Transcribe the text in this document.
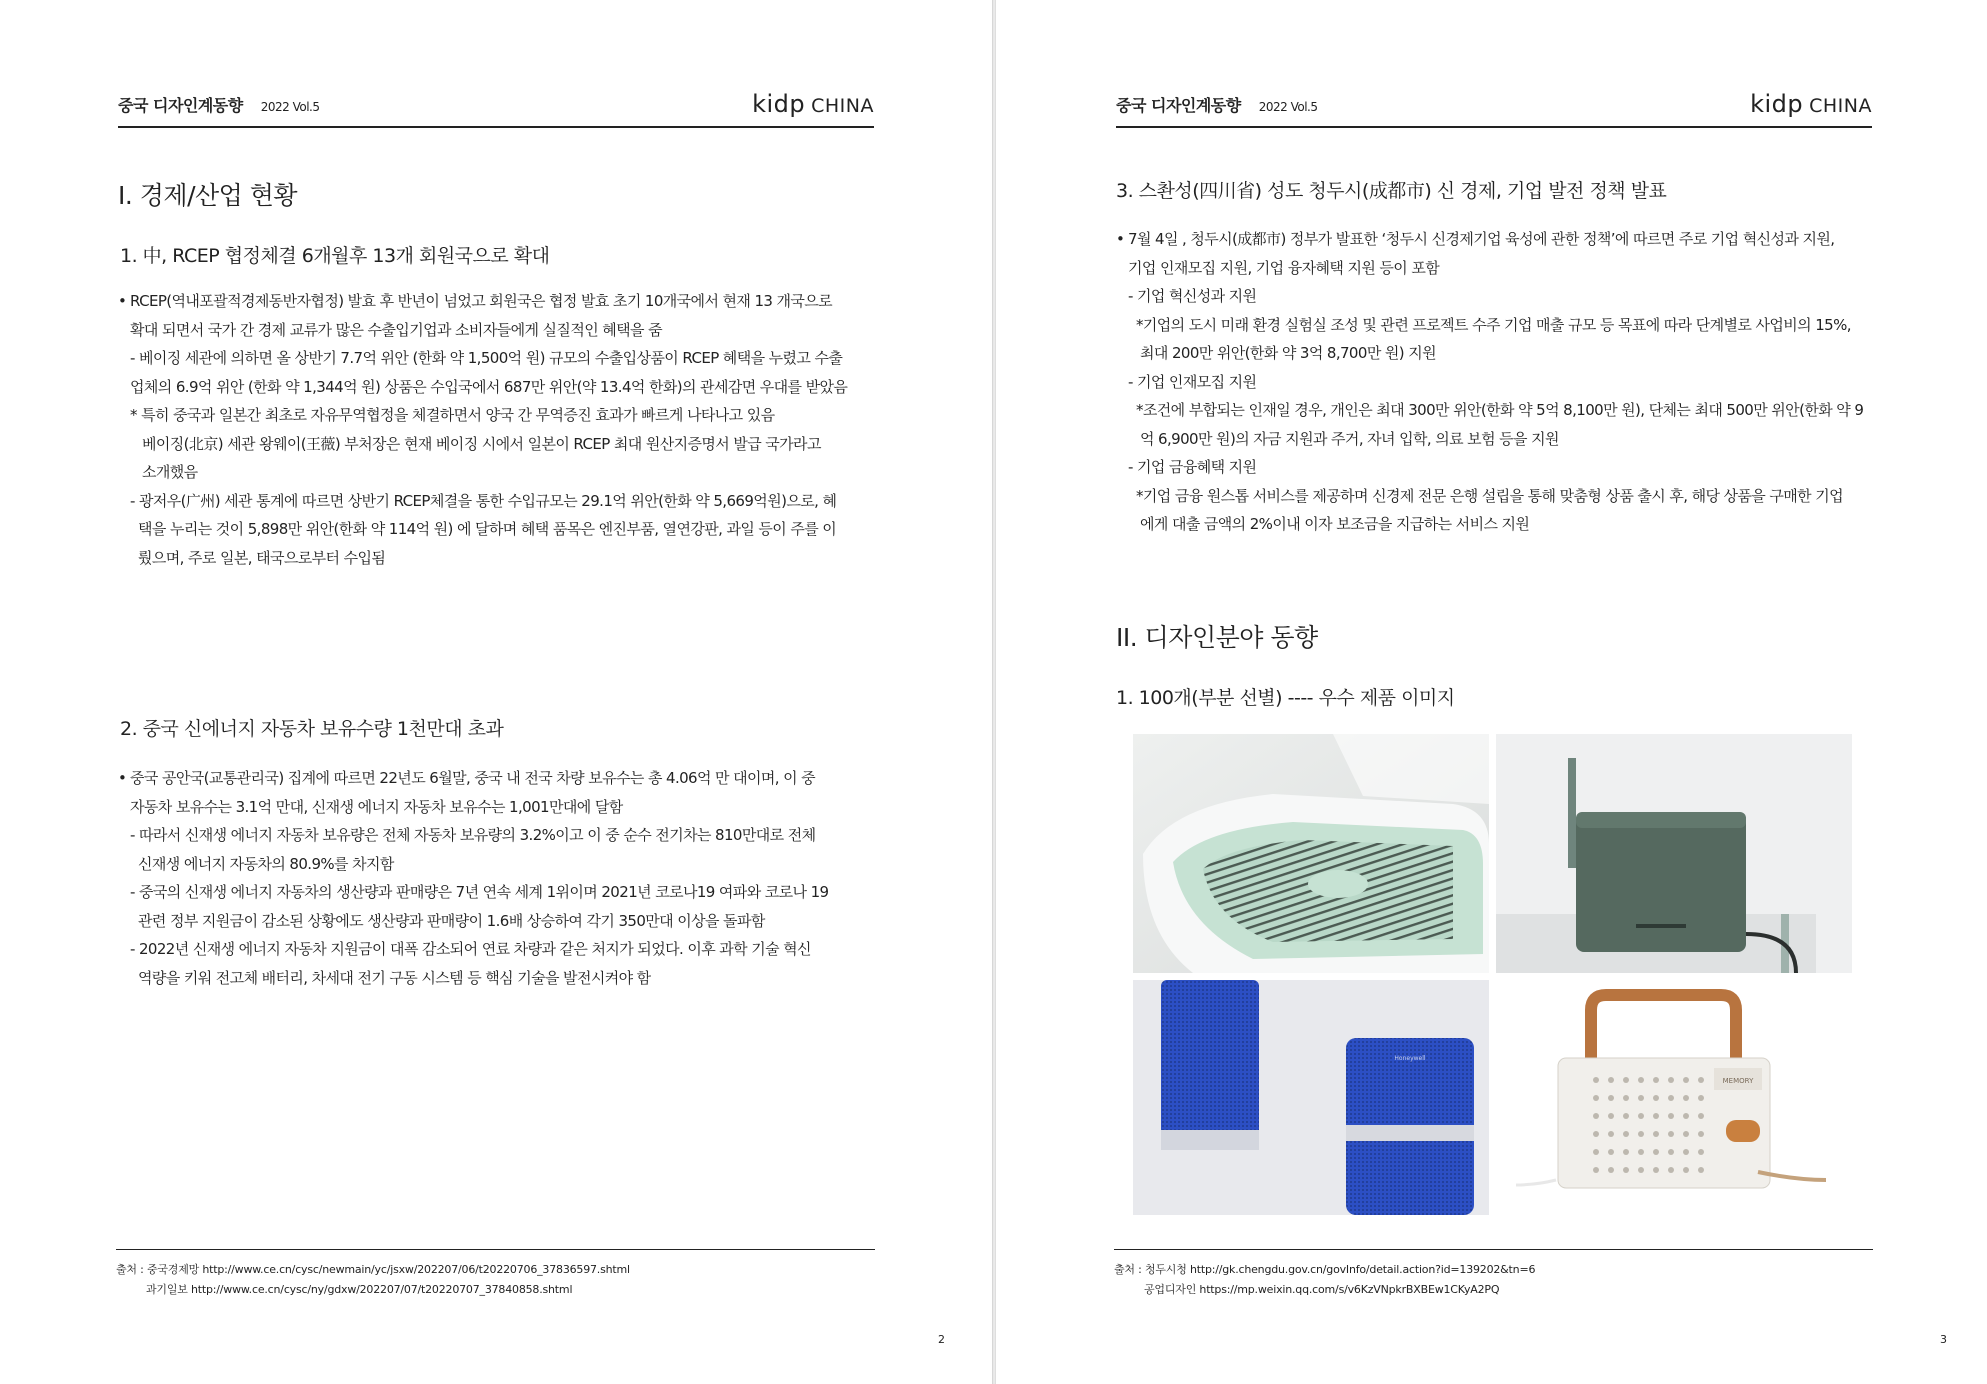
중국 디자인계동향 2022 Vol.5	kidp CHINA
I. 경제/산업 현황
1. 中, RCEP 협정체결 6개월후 13개 회원국으로 확대
• RCEP(역내포괄적경제동반자협정) 발효 후 반년이 넘었고 회원국은 협정 발효 초기 10개국에서 현재 13 개국으로
확대 되면서 국가 간 경제 교류가 많은 수출입기업과 소비자들에게 실질적인 혜택을 줌
- 베이징 세관에 의하면 올 상반기 7.7억 위안 (한화 약 1,500억 원) 규모의 수출입상품이 RCEP 혜택을 누렸고 수출
업체의 6.9억 위안 (한화 약 1,344억 원) 상품은 수입국에서 687만 위안(약 13.4억 한화)의 관세감면 우대를 받았음
* 특히 중국과 일본간 최초로 자유무역협정을 체결하면서 양국 간 무역증진 효과가 빠르게 나타나고 있음
베이징(北京) 세관 왕웨이(王薇) 부처장은 현재 베이징 시에서 일본이 RCEP 최대 원산지증명서 발급 국가라고
소개했음
- 광저우(广州) 세관 통계에 따르면 상반기 RCEP체결을 통한 수입규모는 29.1억 위안(한화 약 5,669억원)으로, 혜
택을 누리는 것이 5,898만 위안(한화 약 114억 원) 에 달하며 혜택 품목은 엔진부품, 열연강판, 과일 등이 주를 이
뤘으며, 주로 일본, 태국으로부터 수입됨
2. 중국 신에너지 자동차 보유수량 1천만대 초과
• 중국 공안국(교통관리국) 집계에 따르면 22년도 6월말, 중국 내 전국 차량 보유수는 총 4.06억 만 대이며, 이 중
자동차 보유수는 3.1억 만대, 신재생 에너지 자동차 보유수는 1,001만대에 달함
- 따라서 신재생 에너지 자동차 보유량은 전체 자동차 보유량의 3.2%이고 이 중 순수 전기차는 810만대로 전체
신재생 에너지 자동차의 80.9%를 차지함
- 중국의 신재생 에너지 자동차의 생산량과 판매량은 7년 연속 세계 1위이며 2021년 코로나19 여파와 코로나 19
관련 정부 지원금이 감소된 상황에도 생산량과 판매량이 1.6배 상승하여 각기 350만대 이상을 돌파함
- 2022년 신재생 에너지 자동차 지원금이 대폭 감소되어 연료 차량과 같은 처지가 되었다. 이후 과학 기술 혁신
역량을 키워 전고체 배터리, 차세대 전기 구동 시스템 등 핵심 기술을 발전시켜야 함
출처 : 중국경제망 http://www.ce.cn/cysc/newmain/yc/jsxw/202207/06/t20220706_37836597.shtml
과기일보 http://www.ce.cn/cysc/ny/gdxw/202207/07/t20220707_37840858.shtml
2
중국 디자인계동향 2022 Vol.5	kidp CHINA
3. 스촨성(四川省) 성도 청두시(成都市) 신 경제, 기업 발전 정책 발표
• 7월 4일 , 청두시(成都市) 정부가 발표한 ‘청두시 신경제기업 육성에 관한 정책’에 따르면 주로 기업 혁신성과 지원,
기업 인재모집 지원, 기업 융자혜택 지원 등이 포함
- 기업 혁신성과 지원
*기업의 도시 미래 환경 실험실 조성 및 관련 프로젝트 수주 기업 매출 규모 등 목표에 따라 단계별로 사업비의 15%,
최대 200만 위안(한화 약 3억 8,700만 원) 지원
- 기업 인재모집 지원
*조건에 부합되는 인재일 경우, 개인은 최대 300만 위안(한화 약 5억 8,100만 원), 단체는 최대 500만 위안(한화 약 9
억 6,900만 원)의 자금 지원과 주거, 자녀 입학, 의료 보험 등을 지원
- 기업 금융혜택 지원
*기업 금융 원스톱 서비스를 제공하며 신경제 전문 은행 설립을 통해 맞춤형 상품 출시 후, 해당 상품을 구매한 기업
에게 대출 금액의 2%이내 이자 보조금을 지급하는 서비스 지원
II. 디자인분야 동향
1. 100개(부분 선별) ---- 우수 제품 이미지
Honeywell
MEMORY
출처 : 청두시청 http://gk.chengdu.gov.cn/govInfo/detail.action?id=139202&tn=6
공업디자인 https://mp.weixin.qq.com/s/v6KzVNpkrBXBEw1CKyA2PQ
3
